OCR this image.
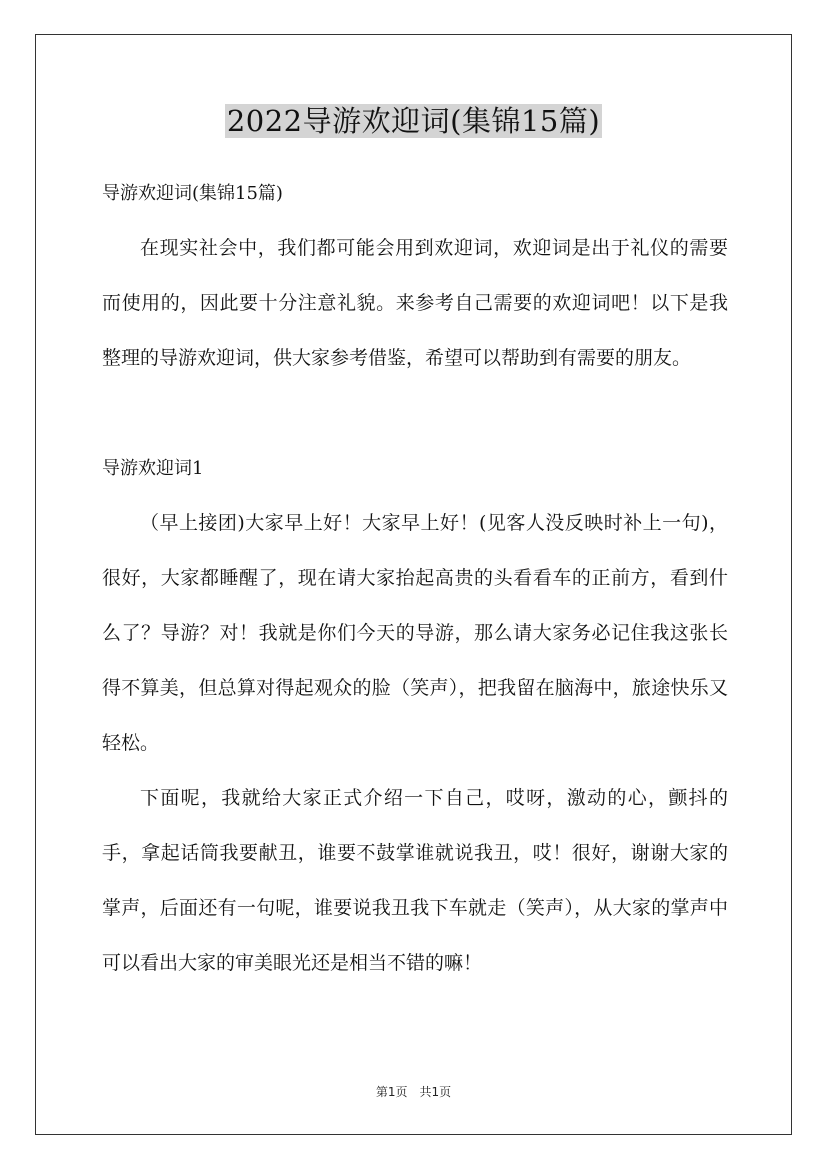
2022导游欢迎词(集锦15篇)

导游欢迎词(集锦15篇)

在现实社会中，我们都可能会用到欢迎词，欢迎词是出于礼仪的需要而使用的，因此要十分注意礼貌。来参考自己需要的欢迎词吧！以下是我整理的导游欢迎词，供大家参考借鉴，希望可以帮助到有需要的朋友。

导游欢迎词1

（早上接团)大家早上好！大家早上好！(见客人没反映时补上一句)，很好，大家都睡醒了，现在请大家抬起高贵的头看看车的正前方，看到什么了？导游？对！我就是你们今天的导游，那么请大家务必记住我这张长得不算美，但总算对得起观众的脸（笑声），把我留在脑海中，旅途快乐又轻松。

下面呢，我就给大家正式介绍一下自己，哎呀，激动的心，颤抖的手，拿起话筒我要献丑，谁要不鼓掌谁就说我丑，哎！很好，谢谢大家的掌声，后面还有一句呢，谁要说我丑我下车就走（笑声），从大家的掌声中可以看出大家的审美眼光还是相当不错的嘛！

第1页 共1页
